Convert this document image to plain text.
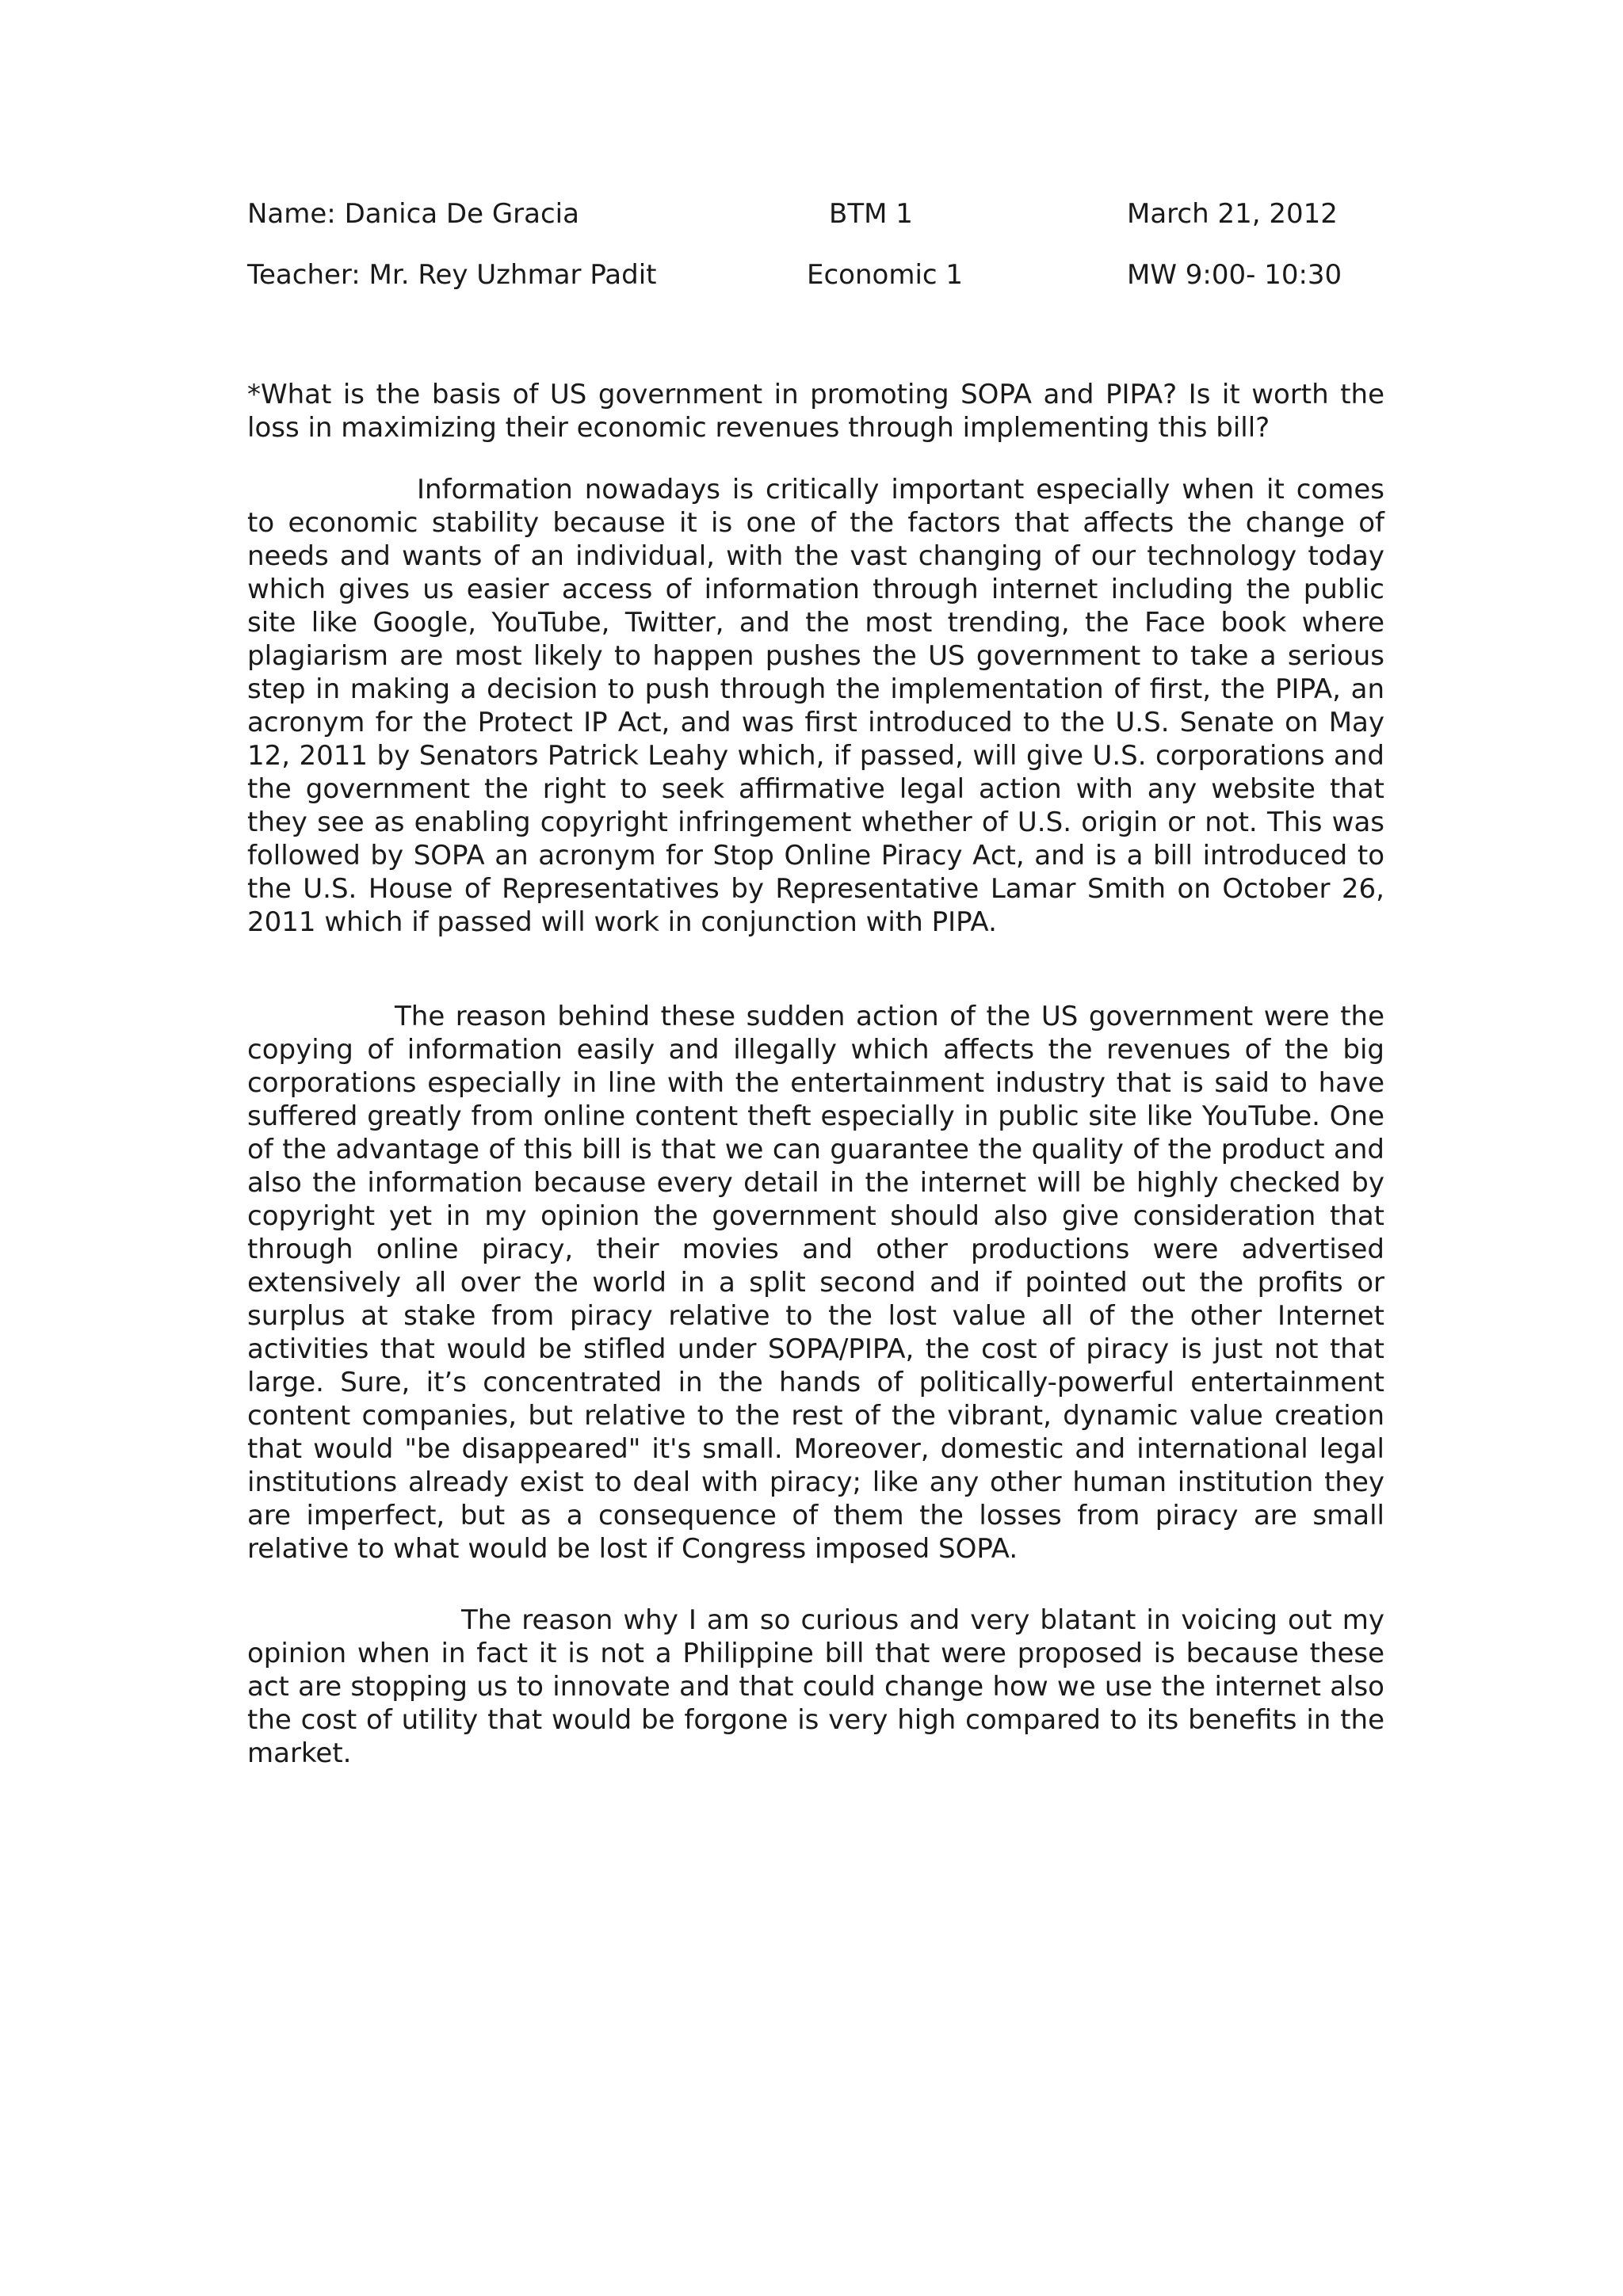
Name: Danica De Gracia	BTM 1	March 21, 2012
Teacher: Mr. Rey Uzhmar Padit	Economic 1	MW 9:00- 10:30
*What is the basis of US government in promoting SOPA and PIPA? Is it worth the loss in maximizing their economic revenues through implementing this bill?

Information nowadays is critically important especially when it comes to economic stability because it is one of the factors that affects the change of needs and wants of an individual, with the vast changing of our technology today which gives us easier access of information through internet including the public site like Google, YouTube, Twitter, and the most trending, the Face book where plagiarism are most likely to happen pushes the US government to take a serious step in making a decision to push through the implementation of first, the PIPA, an acronym for the Protect IP Act, and was first introduced to the U.S. Senate on May 12, 2011 by Senators Patrick Leahy which, if passed, will give U.S. corporations and the government the right to seek affirmative legal action with any website that they see as enabling copyright infringement whether of U.S. origin or not. This was followed by SOPA an acronym for Stop Online Piracy Act, and is a bill introduced to the U.S. House of Representatives by Representative Lamar Smith on October 26, 2011 which if passed will work in conjunction with PIPA.

The reason behind these sudden action of the US government were the copying of information easily and illegally which affects the revenues of the big corporations especially in line with the entertainment industry that is said to have suffered greatly from online content theft especially in public site like YouTube. One of the advantage of this bill is that we can guarantee the quality of the product and also the information because every detail in the internet will be highly checked by copyright yet in my opinion the government should also give consideration that through online piracy, their movies and other productions were advertised extensively all over the world in a split second and if pointed out the profits or surplus at stake from piracy relative to the lost value all of the other Internet activities that would be stifled under SOPA/PIPA, the cost of piracy is just not that large. Sure, it’s concentrated in the hands of politically-powerful entertainment content companies, but relative to the rest of the vibrant, dynamic value creation that would "be disappeared" it's small. Moreover, domestic and international legal institutions already exist to deal with piracy; like any other human institution they are imperfect, but as a consequence of them the losses from piracy are small relative to what would be lost if Congress imposed SOPA.

The reason why I am so curious and very blatant in voicing out my opinion when in fact it is not a Philippine bill that were proposed is because these act are stopping us to innovate and that could change how we use the internet also the cost of utility that would be forgone is very high compared to its benefits in the market.
